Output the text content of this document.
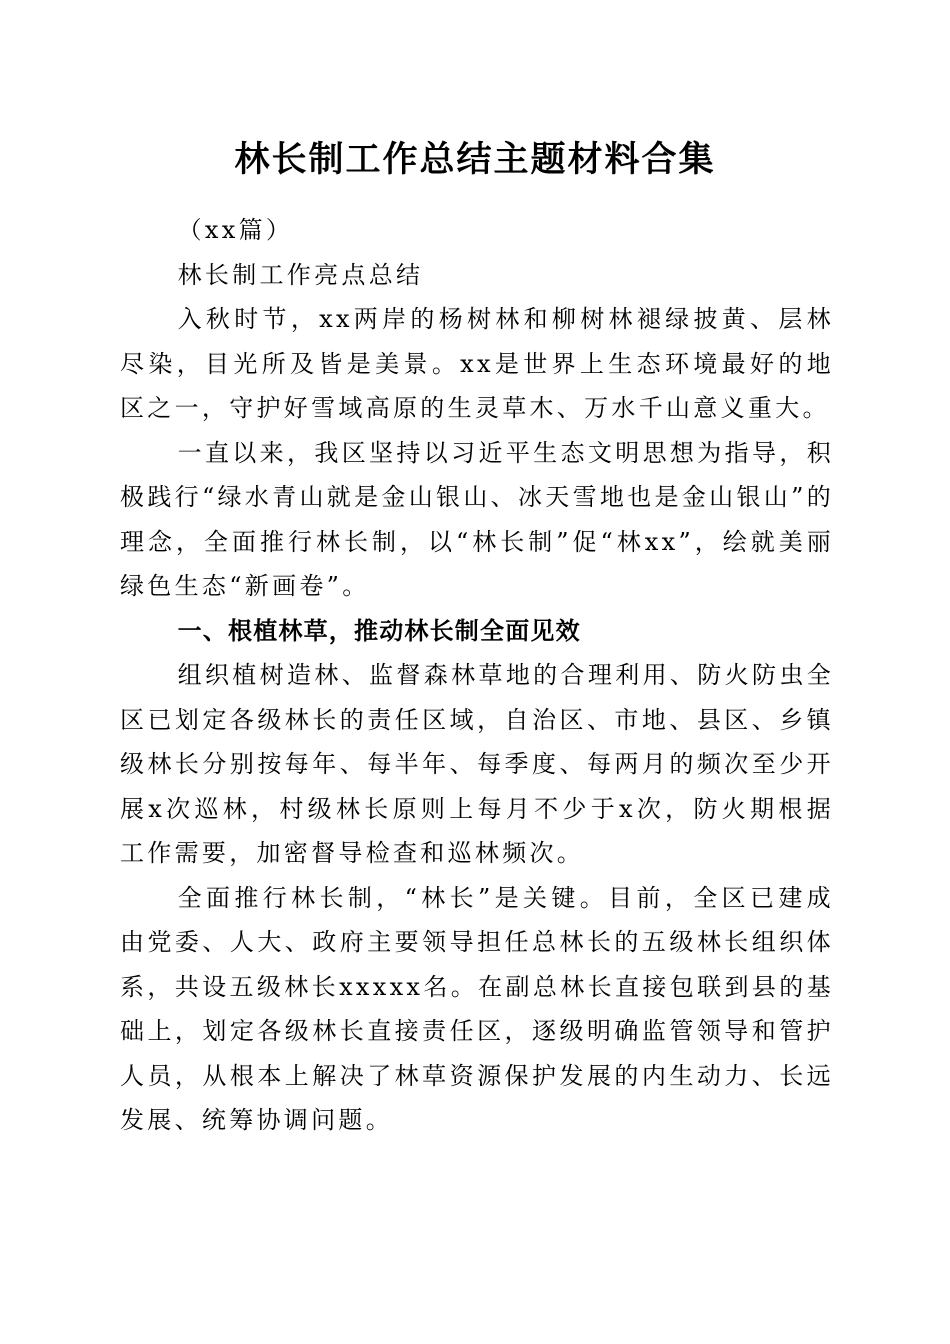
林长制工作总结主题材料合集

（xx篇）

林长制工作亮点总结

入秋时节，xx两岸的杨树林和柳树林褪绿披黄、层林尽染，目光所及皆是美景。xx是世界上生态环境最好的地区之一，守护好雪域高原的生灵草木、万水千山意义重大。

一直以来，我区坚持以习近平生态文明思想为指导，积极践行“绿水青山就是金山银山、冰天雪地也是金山银山”的理念，全面推行林长制，以“林长制”促“林xx”，绘就美丽绿色生态“新画卷”。

一、根植林草，推动林长制全面见效

组织植树造林、监督森林草地的合理利用、防火防虫全区已划定各级林长的责任区域，自治区、市地、县区、乡镇级林长分别按每年、每半年、每季度、每两月的频次至少开展x次巡林，村级林长原则上每月不少于x次，防火期根据工作需要，加密督导检查和巡林频次。

全面推行林长制，“林长”是关键。目前，全区已建成由党委、人大、政府主要领导担任总林长的五级林长组织体系，共设五级林长xxxxx名。在副总林长直接包联到县的基础上，划定各级林长直接责任区，逐级明确监管领导和管护人员，从根本上解决了林草资源保护发展的内生动力、长远发展、统筹协调问题。
